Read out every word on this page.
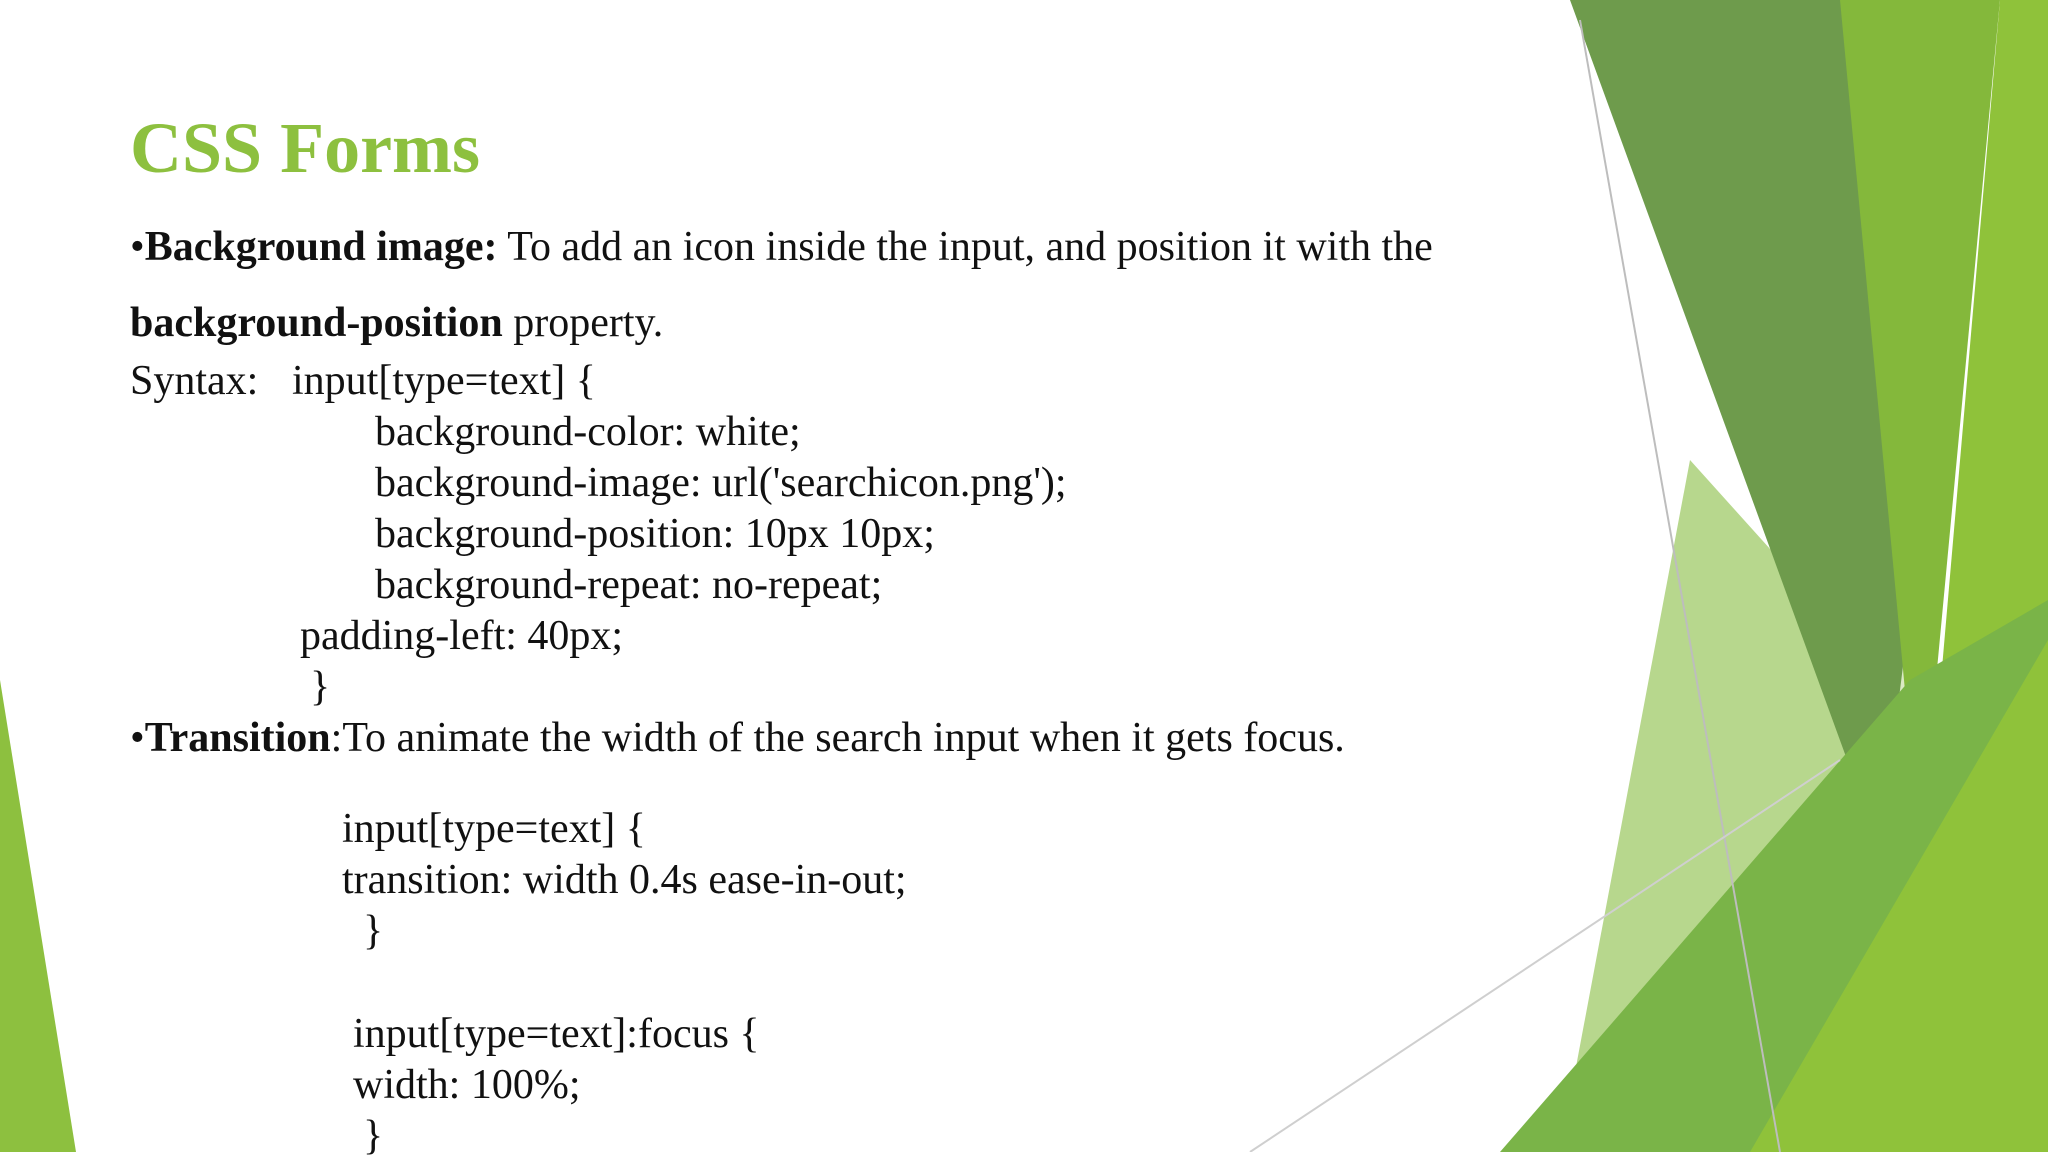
CSS Forms

•Background image: To add an icon inside the input, and position it with the

background-position property.

Syntax: input[type=text] {

background-color: white;

background-image: url('searchicon.png');

background-position: 10px 10px;

background-repeat: no-repeat;

padding-left: 40px;

}

•Transition:To animate the width of the search input when it gets focus.

input[type=text] {

transition: width 0.4s ease-in-out;

}

input[type=text]:focus {

width: 100%;

}
